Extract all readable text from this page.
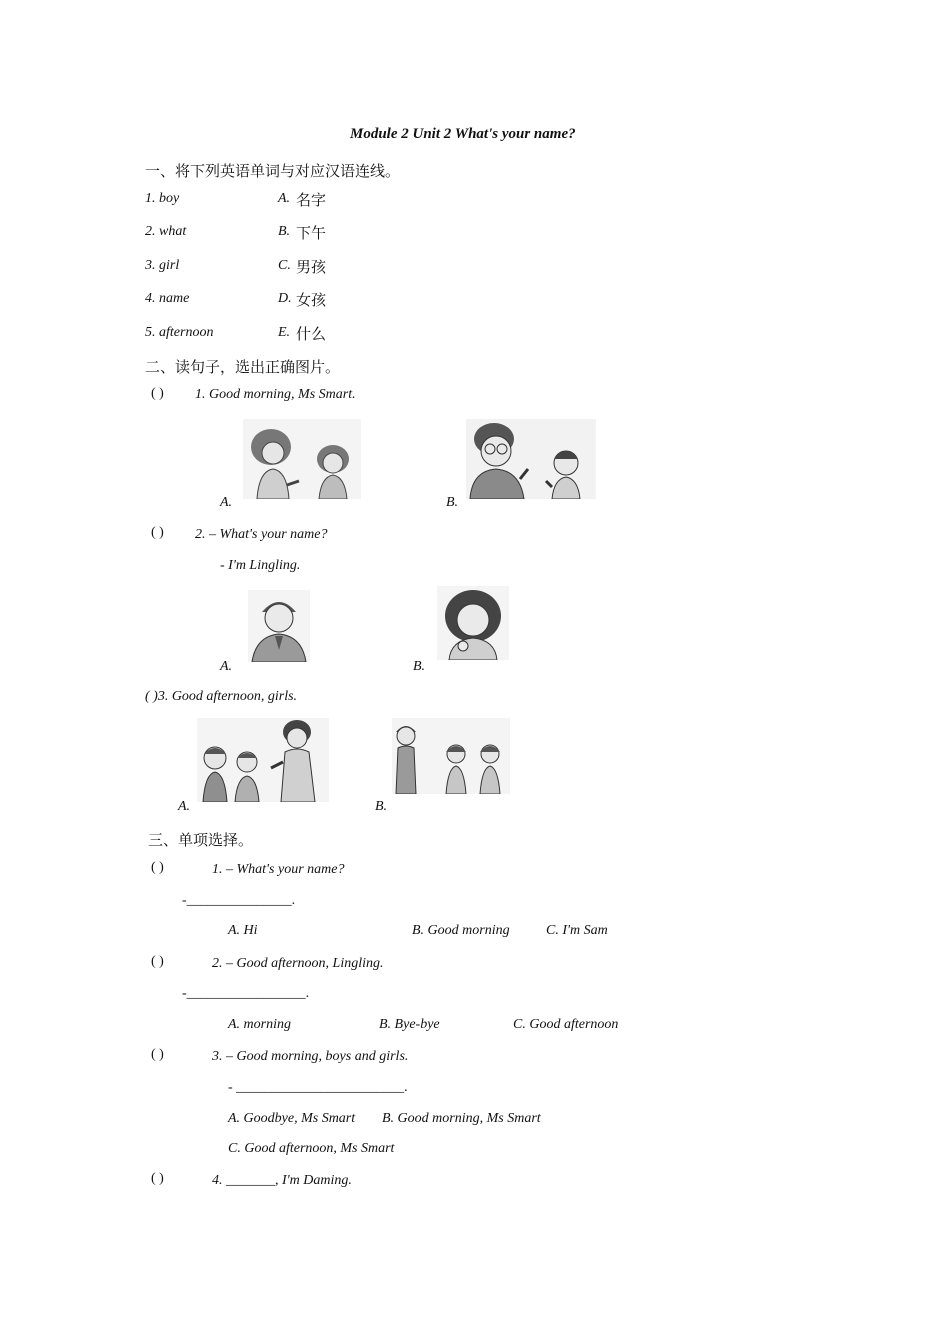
Module 2 Unit 2 What's your name?
一、将下列英语单词与对应汉语连线。
1. boy	A. 名字
2. what	B. 下午
3. girl	C. 男孩
4. name	D. 女孩
5. afternoon	E. 什么
二、读句子，选出正确图片。
( ) 1. Good morning, Ms Smart.
A.	B.
( ) 2. – What's your name?
- I'm Lingling.
A.	B.
( )3. Good afternoon, girls.
A.	B.
三、单项选择。
( )	1. – What's your name?
-_______________.
A. Hi	B. Good morning	C. I'm Sam
( )	2. – Good afternoon, Lingling.
-_________________.
A. morning	B. Bye-bye	C. Good afternoon
( )	3. – Good morning, boys and girls.
- ________________________.
A. Goodbye, Ms Smart B. Good morning, Ms Smart
C. Good afternoon, Ms Smart
( )	4. _______, I'm Daming.
